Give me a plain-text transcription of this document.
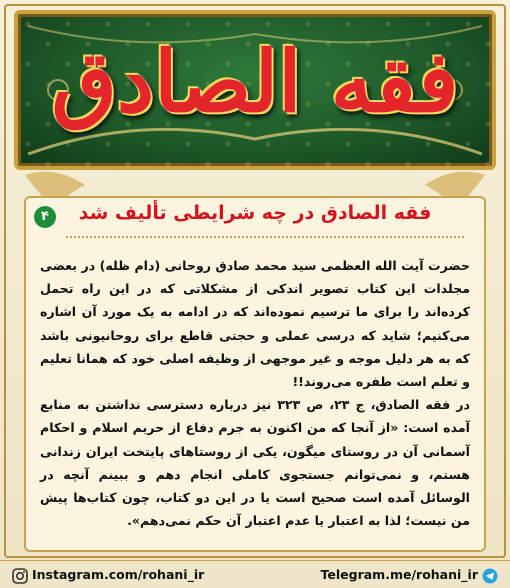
فقه الصادق
۴	فقه الصادق در چه شرایطی تألیف شد

حضرت آیت الله العظمی سید محمد صادق روحانی (دام ظله) در بعضی مجلدات این کتاب تصویر اندکی از مشکلاتی که در این راه تحمل کرده‌اند را برای ما ترسیم نموده‌اند که در ادامه به یک مورد آن اشاره می‌کنیم؛ شاید که درسی عملی و حجتی قاطع برای روحانیونی باشد که به هر دلیل موجه و غیر موجهی از وظیفه اصلی خود که همانا تعلیم و تعلم است طفره می‌روند!!

در فقه الصادق، ج ۲۳، ص ۳۲۳ نیز درباره دسترسی نداشتن به منابع آمده است: «از آنجا که من اکنون به جرم دفاع از حریم اسلام و احکام آسمانی آن در روستای میگون، یکی از روستاهای پایتخت ایران زندانی هستم، و نمی‌توانم جستجوی کاملی انجام دهم و ببینم آنچه در الوسائل آمده است صحیح است یا در این دو کتاب، چون کتاب‌ها پیش من نیست؛ لذا به اعتبار یا عدم اعتبار آن حکم نمی‌دهم».

Instagram.com/rohani_ir	Telegram.me/rohani_ir
